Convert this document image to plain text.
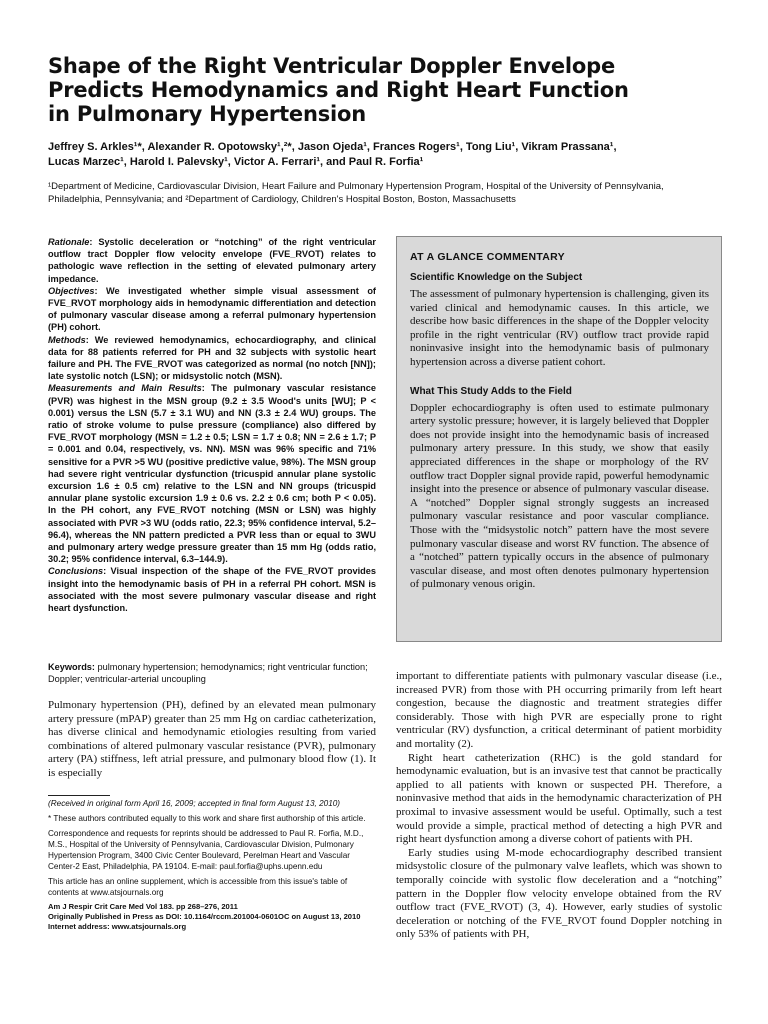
Shape of the Right Ventricular Doppler Envelope
Predicts Hemodynamics and Right Heart Function
in Pulmonary Hypertension
Jeffrey S. Arkles¹*, Alexander R. Opotowsky¹,²*, Jason Ojeda¹, Frances Rogers¹, Tong Liu¹, Vikram Prassana¹,
Lucas Marzec¹, Harold I. Palevsky¹, Victor A. Ferrari¹, and Paul R. Forfia¹
¹Department of Medicine, Cardiovascular Division, Heart Failure and Pulmonary Hypertension Program, Hospital of the University of Pennsylvania,
Philadelphia, Pennsylvania; and ²Department of Cardiology, Children's Hospital Boston, Boston, Massachusetts
Rationale: Systolic deceleration or “notching” of the right ventricular outflow tract Doppler flow velocity envelope (FVE_RVOT) relates to pathologic wave reflection in the setting of elevated pulmonary artery impedance.
Objectives: We investigated whether simple visual assessment of FVE_RVOT morphology aids in hemodynamic differentiation and detection of pulmonary vascular disease among a referral pulmonary hypertension (PH) cohort.
Methods: We reviewed hemodynamics, echocardiography, and clinical data for 88 patients referred for PH and 32 subjects with systolic heart failure and PH. The FVE_RVOT was categorized as normal (no notch [NN]); late systolic notch (LSN); or midsystolic notch (MSN).
Measurements and Main Results: The pulmonary vascular resistance (PVR) was highest in the MSN group (9.2 ± 3.5 Wood's units [WU]; P < 0.001) versus the LSN (5.7 ± 3.1 WU) and NN (3.3 ± 2.4 WU) groups. The ratio of stroke volume to pulse pressure (compliance) also differed by FVE_RVOT morphology (MSN = 1.2 ± 0.5; LSN = 1.7 ± 0.8; NN = 2.6 ± 1.7; P = 0.001 and 0.04, respectively, vs. NN). MSN was 96% specific and 71% sensitive for a PVR >5 WU (positive predictive value, 98%). The MSN group had severe right ventricular dysfunction (tricuspid annular plane systolic excursion 1.6 ± 0.5 cm) relative to the LSN and NN groups (tricuspid annular plane systolic excursion 1.9 ± 0.6 vs. 2.2 ± 0.6 cm; both P < 0.05). In the PH cohort, any FVE_RVOT notching (MSN or LSN) was highly associated with PVR >3 WU (odds ratio, 22.3; 95% confidence interval, 5.2–96.4), whereas the NN pattern predicted a PVR less than or equal to 3WU and pulmonary artery wedge pressure greater than 15 mm Hg (odds ratio, 30.2; 95% confidence interval, 6.3–144.9).
Conclusions: Visual inspection of the shape of the FVE_RVOT provides insight into the hemodynamic basis of PH in a referral PH cohort. MSN is associated with the most severe pulmonary vascular disease and right heart dysfunction.
Keywords: pulmonary hypertension; hemodynamics; right ventricular function; Doppler; ventricular-arterial uncoupling

Pulmonary hypertension (PH), defined by an elevated mean pulmonary artery pressure (mPAP) greater than 25 mm Hg on cardiac catheterization, has diverse clinical and hemodynamic etiologies resulting from varied combinations of altered pulmonary vascular resistance (PVR), pulmonary artery (PA) stiffness, left atrial pressure, and pulmonary blood flow (1). It is especially

(Received in original form April 16, 2009; accepted in final form August 13, 2010)

* These authors contributed equally to this work and share first authorship of this article.

Correspondence and requests for reprints should be addressed to Paul R. Forfia, M.D., M.S., Hospital of the University of Pennsylvania, Cardiovascular Division, Pulmonary Hypertension Program, 3400 Civic Center Boulevard, Perelman Heart and Vascular Center-2 East, Philadelphia, PA 19104. E-mail: paul.forfia@uphs.upenn.edu

This article has an online supplement, which is accessible from this issue's table of contents at www.atsjournals.org

Am J Respir Crit Care Med Vol 183. pp 268–276, 2011
Originally Published in Press as DOI: 10.1164/rccm.201004-0601OC on August 13, 2010
Internet address: www.atsjournals.org

AT A GLANCE COMMENTARY
Scientific Knowledge on the Subject

The assessment of pulmonary hypertension is challenging, given its varied clinical and hemodynamic causes. In this article, we describe how basic differences in the shape of the Doppler velocity profile in the right ventricular (RV) outflow tract provide rapid noninvasive insight into the hemodynamic basis of pulmonary hypertension across a diverse patient cohort.

What This Study Adds to the Field

Doppler echocardiography is often used to estimate pulmonary artery systolic pressure; however, it is largely believed that Doppler does not provide insight into the hemodynamic basis of increased pulmonary artery pressure. In this study, we show that easily appreciated differences in the shape or morphology of the RV outflow tract Doppler signal provide rapid, powerful hemodynamic insight into the presence or absence of pulmonary vascular disease. A “notched” Doppler signal strongly suggests an increased pulmonary vascular resistance and poor vascular compliance. Those with the “midsystolic notch” pattern have the most severe pulmonary vascular disease and worst RV function. The absence of a “notched” pattern typically occurs in the absence of pulmonary vascular disease, and most often denotes pulmonary hypertension of pulmonary venous origin.

important to differentiate patients with pulmonary vascular disease (i.e., increased PVR) from those with PH occurring primarily from left heart congestion, because the diagnostic and treatment strategies differ considerably. Those with high PVR are especially prone to right ventricular (RV) dysfunction, a critical determinant of patient morbidity and mortality (2).

Right heart catheterization (RHC) is the gold standard for hemodynamic evaluation, but is an invasive test that cannot be practically applied to all patients with known or suspected PH. Therefore, a noninvasive method that aids in the hemodynamic characterization of PH proximal to invasive assessment would be useful. Optimally, such a test would provide a simple, practical method of detecting a high PVR and right heart dysfunction among a diverse cohort of patients with PH.

Early studies using M-mode echocardiography described transient midsystolic closure of the pulmonary valve leaflets, which was shown to temporally coincide with systolic flow deceleration and a “notching” pattern in the Doppler flow velocity envelope obtained from the RV outflow tract (FVE_RVOT) (3, 4). However, early studies of systolic deceleration or notching of the FVE_RVOT found Doppler notching in only 53% of patients with PH,
